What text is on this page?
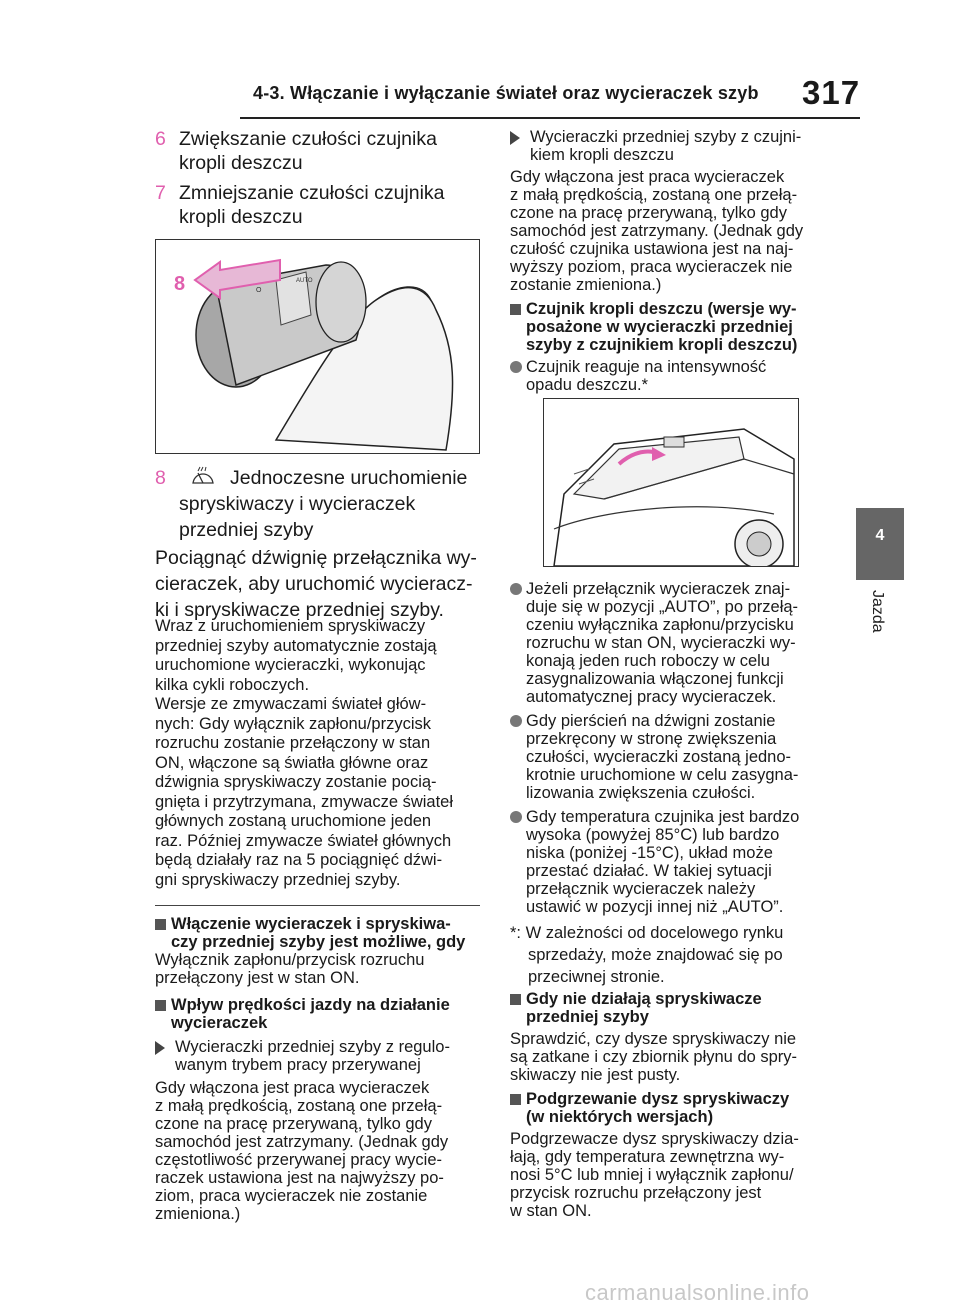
4-3. Włączanie i wyłączanie świateł oraz wycieraczek szyb 317
4
Jazda
6 Zwiększanie czułości czujnika
kropli deszczu
7 Zmniejszanie czułości czujnika
kropli deszczu
O
AUTO
8
8	Jednoczesne uruchomienie
spryskiwaczy i wycieraczek
przedniej szyby
Pociągnąć dźwignię przełącznika wy-
cieraczek, aby uruchomić wycieracz-
ki i spryskiwacze przedniej szyby.
Wraz z uruchomieniem spryskiwaczy
przedniej szyby automatycznie zostają
uruchomione wycieraczki, wykonując
kilka cykli roboczych.
Wersje ze zmywaczami świateł głów-
nych: Gdy wyłącznik zapłonu/przycisk
rozruchu zostanie przełączony w stan
ON, włączone są światła główne oraz
dźwignia spryskiwaczy zostanie pocią-
gnięta i przytrzymana, zmywacze świateł
głównych zostaną uruchomione jeden
raz. Później zmywacze świateł głównych
będą działały raz na 5 pociągnięć dźwi-
gni spryskiwaczy przedniej szyby.
Włączenie wycieraczek i spryskiwa-
czy przedniej szyby jest możliwe, gdy
Wyłącznik zapłonu/przycisk rozruchu
przełączony jest w stan ON.
Wpływ prędkości jazdy na działanie
wycieraczek
Wycieraczki przedniej szyby z regulo-
wanym trybem pracy przerywanej
Gdy włączona jest praca wycieraczek
z małą prędkością, zostaną one przełą-
czone na pracę przerywaną, tylko gdy
samochód jest zatrzymany. (Jednak gdy
częstotliwość przerywanej pracy wycie-
raczek ustawiona jest na najwyższy po-
ziom, praca wycieraczek nie zostanie
zmieniona.)
Wycieraczki przedniej szyby z czujni-
kiem kropli deszczu
Gdy włączona jest praca wycieraczek
z małą prędkością, zostaną one przełą-
czone na pracę przerywaną, tylko gdy
samochód jest zatrzymany. (Jednak gdy
czułość czujnika ustawiona jest na naj-
wyższy poziom, praca wycieraczek nie
zostanie zmieniona.)
Czujnik kropli deszczu (wersje wy-
posażone w wycieraczki przedniej
szyby z czujnikiem kropli deszczu)
Czujnik reaguje na intensywność
opadu deszczu.*
Jeżeli przełącznik wycieraczek znaj-
duje się w pozycji „AUTO”, po przełą-
czeniu wyłącznika zapłonu/przycisku
rozruchu w stan ON, wycieraczki wy-
konają jeden ruch roboczy w celu
zasygnalizowania włączonej funkcji
automatycznej pracy wycieraczek.
Gdy pierścień na dźwigni zostanie
przekręcony w stronę zwiększenia
czułości, wycieraczki zostaną jedno-
krotnie uruchomione w celu zasygna-
lizowania zwiększenia czułości.
Gdy temperatura czujnika jest bardzo
wysoka (powyżej 85°C) lub bardzo
niska (poniżej -15°C), układ może
przestać działać. W takiej sytuacji
przełącznik wycieraczek należy
ustawić w pozycji innej niż „AUTO”.
*: W zależności od docelowego rynku
sprzedaży, może znajdować się po
przeciwnej stronie.
Gdy nie działają spryskiwacze
przedniej szyby
Sprawdzić, czy dysze spryskiwaczy nie
są zatkane i czy zbiornik płynu do spry-
skiwaczy nie jest pusty.
Podgrzewanie dysz spryskiwaczy
(w niektórych wersjach)
Podgrzewacze dysz spryskiwaczy dzia-
łają, gdy temperatura zewnętrzna wy-
nosi 5°C lub mniej i wyłącznik zapłonu/
przycisk rozruchu przełączony jest
w stan ON.
carmanualsonline.info
